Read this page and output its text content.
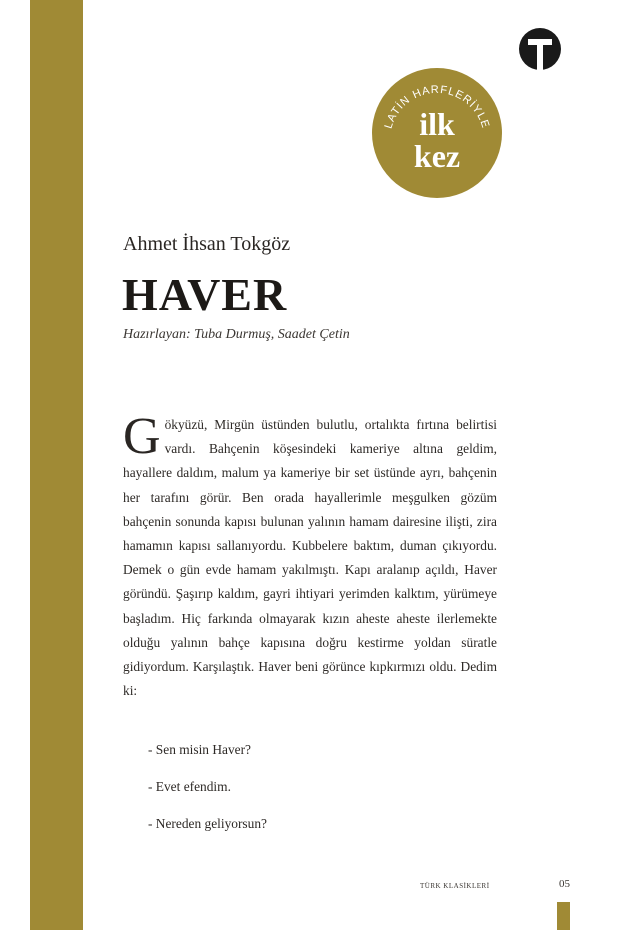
LATİN HARFLERİYLE
ilk
kez
Ahmet İhsan Tokgöz
HAVER
Hazırlayan: Tuba Durmuş, Saadet Çetin
Gökyüzü, Mirgün üstünden bulutlu, ortalıkta fırtına belirtisi vardı. Bahçenin köşesindeki kameriye altına geldim, hayallere daldım, malum ya kameriye bir set üstünde ayrı, bahçenin her tarafını görür. Ben orada hayallerimle meşgulken gözüm bahçenin sonunda kapısı bulunan yalının hamam dairesine ilişti, zira hamamın kapısı sallanıyordu. Kubbelere baktım, duman çıkıyordu. Demek o gün evde hamam yakılmıştı. Kapı aralanıp açıldı, Haver göründü. Şaşırıp kaldım, gayri ihtiyari yerimden kalktım, yürümeye başladım. Hiç farkında olmayarak kızın aheste aheste ilerlemekte olduğu yalının bahçe kapısına doğru kestirme yoldan süratle gidiyordum. Karşılaştık. Haver beni görünce kıpkırmızı oldu. Dedim ki:
- Sen misin Haver?
- Evet efendim.
- Nereden geliyorsun?
TÜRK KLASİKLERİ	05
